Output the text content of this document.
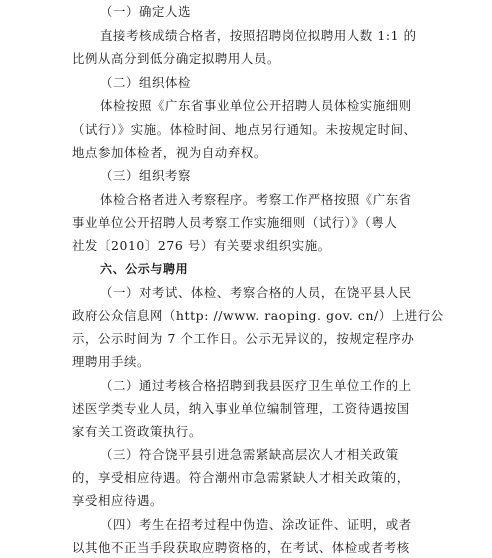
（一）确定人选
直接考核成绩合格者，按照招聘岗位拟聘用人数 1:1 的
比例从高分到低分确定拟聘用人员。
（二）组织体检
体检按照《广东省事业单位公开招聘人员体检实施细则
（试行）》实施。体检时间、地点另行通知。未按规定时间、
地点参加体检者，视为自动弃权。
（三）组织考察
体检合格者进入考察程序。考察工作严格按照《广东省
事业单位公开招聘人员考察工作实施细则（试行）》（粤人
社发〔2010〕276 号）有关要求组织实施。
六、公示与聘用
（一）对考试、体检、考察合格的人员，在饶平县人民
政府公众信息网（http: //www. raoping. gov. cn/）上进行公
示，公示时间为 7 个工作日。公示无异议的，按规定程序办
理聘用手续。
（二）通过考核合格招聘到我县医疗卫生单位工作的上
述医学类专业人员，纳入事业单位编制管理，工资待遇按国
家有关工资政策执行。
（三）符合饶平县引进急需紧缺高层次人才相关政策
的，享受相应待遇。符合潮州市急需紧缺人才相关政策的，
享受相应待遇。
（四）考生在招考过程中伪造、涂改证件、证明，或者
以其他不正当手段获取应聘资格的，在考试、体检或者考核
